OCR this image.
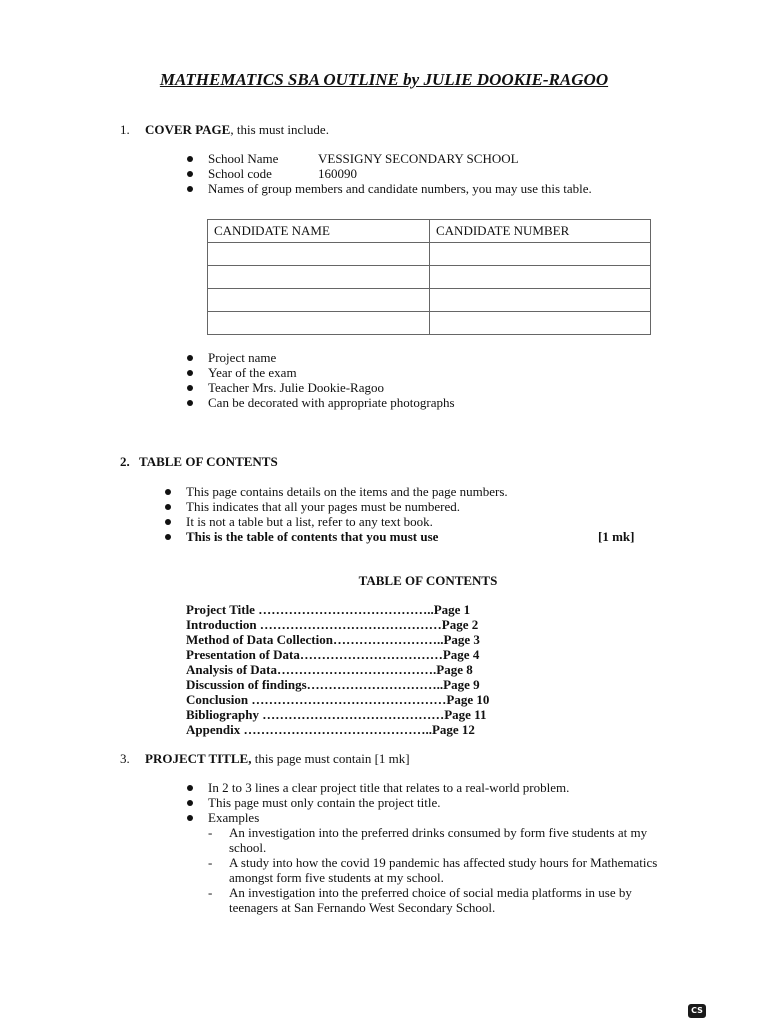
MATHEMATICS SBA OUTLINE by JULIE DOOKIE-RAGOO
1. COVER PAGE, this must include.
School Name	VESSIGNY SECONDARY SCHOOL
School code	160090
Names of group members and candidate numbers, you may use this table.
CANDIDATE NAME	CANDIDATE NUMBER

Project name
Year of the exam
Teacher Mrs. Julie Dookie-Ragoo
Can be decorated with appropriate photographs
2. TABLE OF CONTENTS
This page contains details on the items and the page numbers.
This indicates that all your pages must be numbered.
It is not a table but a list, refer to any text book.
This is the table of contents that you must use	[1 mk]
TABLE OF CONTENTS
Project Title …………………………………..Page 1
Introduction ……………………………………Page 2
Method of Data Collection……………………..Page 3
Presentation of Data……………………………Page 4
Analysis of Data……………………………….Page 8
Discussion of findings…………………………..Page 9
Conclusion ………………………………………Page 10
Bibliography ……………………………………Page 11
Appendix ……………………………………..Page 12
3. PROJECT TITLE, this page must contain [1 mk]
In 2 to 3 lines a clear project title that relates to a real-world problem.
This page must only contain the project title.
Examples
- An investigation into the preferred drinks consumed by form five students at my school.
- A study into how the covid 19 pandemic has affected study hours for Mathematics amongst form five students at my school.
- An investigation into the preferred choice of social media platforms in use by teenagers at San Fernando West Secondary School.
CS
